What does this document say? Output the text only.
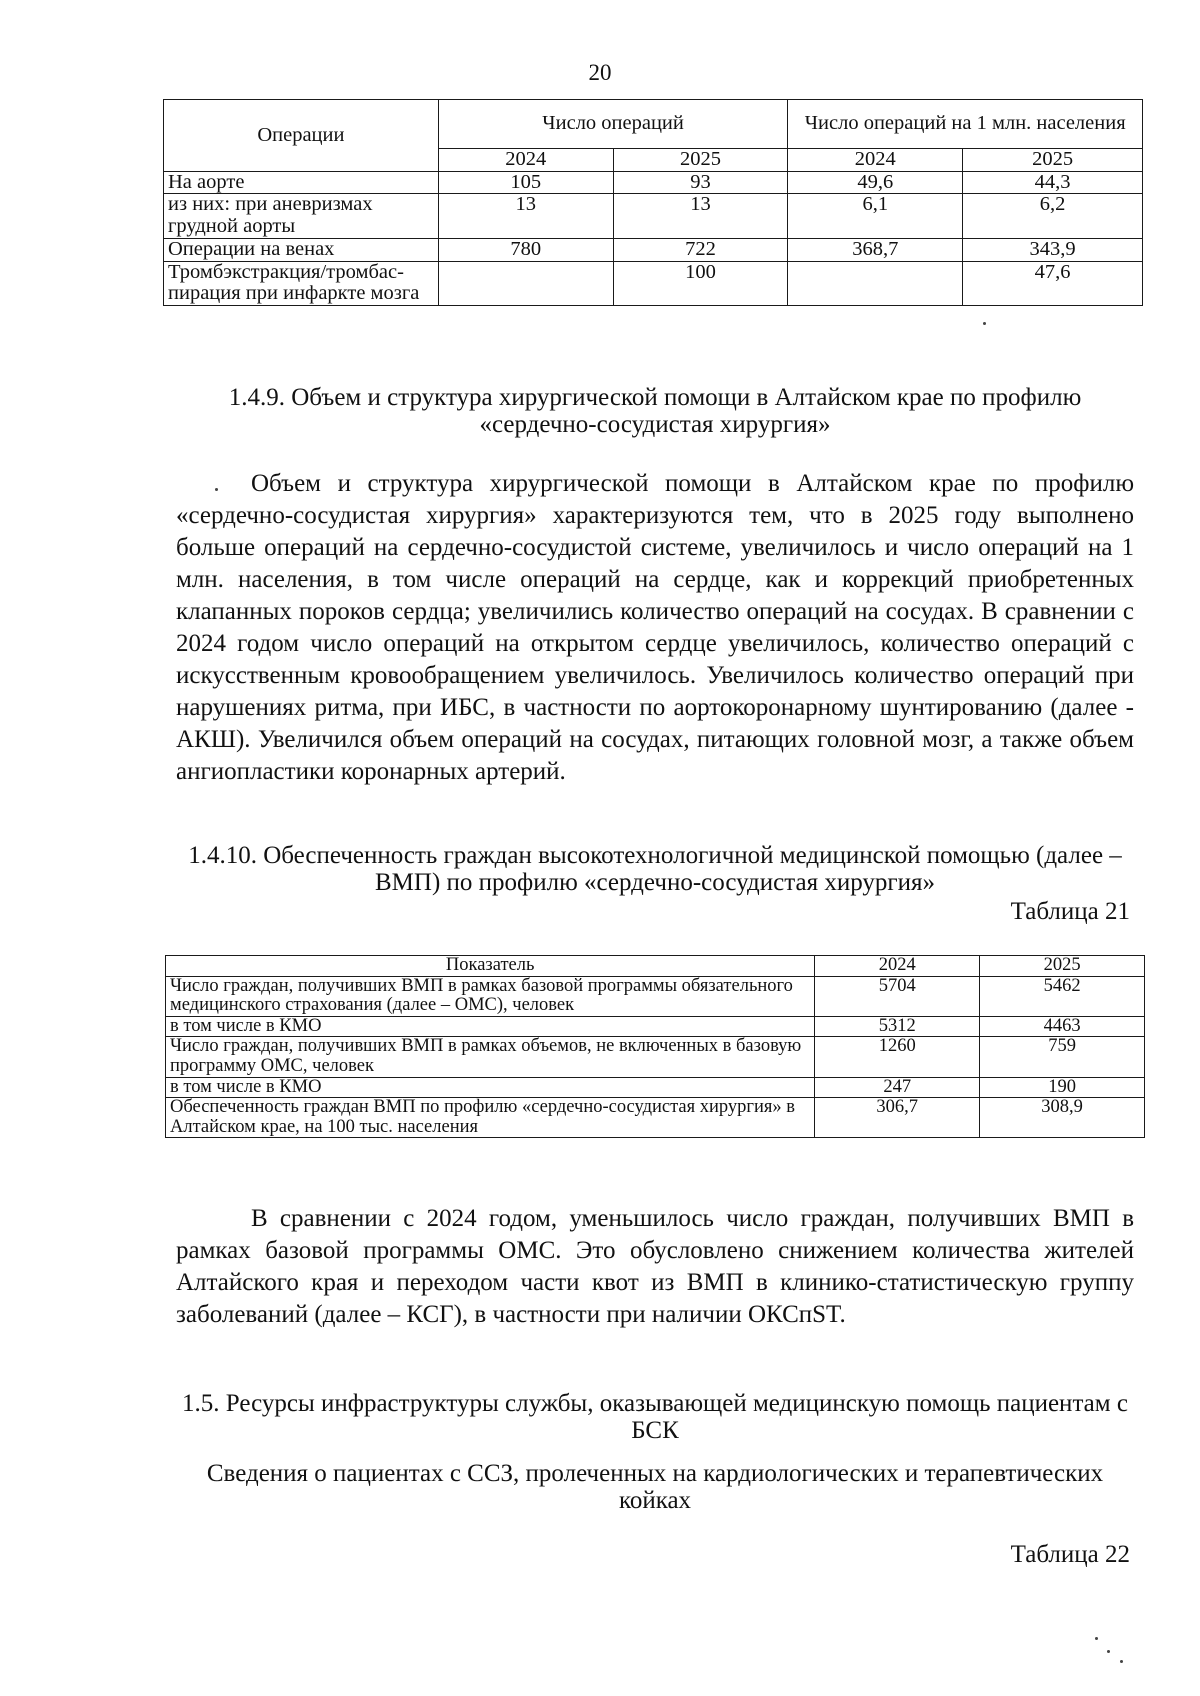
20
Операции	Число операций		Число операций на 1 млн. населения	
	2024	2025	2024	2025
На аорте	105	93	49,6	44,3
из них: при аневризмах грудной аорты	13	13	6,1	6,2
Операции на венах	780	722	368,7	343,9
Тромбэкстракция/тромбас-пирация при инфаркте мозга		100		47,6
1.4.9. Объем и структура хирургической помощи в Алтайском крае по профилю «сердечно-сосудистая хирургия»

Объем и структура хирургической помощи в Алтайском крае по профилю «сердечно-сосудистая хирургия» характеризуются тем, что в 2025 году выполнено больше операций на сердечно-сосудистой системе, увеличилось и число операций на 1 млн. населения, в том числе операций на сердце, как и коррекций приобретенных клапанных пороков сердца; увеличились количество операций на сосудах. В сравнении с 2024 годом число операций на открытом сердце увеличилось, количество операций с искусственным кровообращением увеличилось. Увеличилось количество операций при нарушениях ритма, при ИБС, в частности по аортокоронарному шунтированию (далее - АКШ). Увеличился объем операций на сосудах, питающих головной мозг, а также объем ангиопластики коронарных артерий.

1.4.10. Обеспеченность граждан высокотехнологичной медицинской помощью (далее – ВМП) по профилю «сердечно-сосудистая хирургия»
Таблица 21
Показатель	2024	2025
Число граждан, получивших ВМП в рамках базовой программы обязательного медицинского страхования (далее – ОМС), человек	5704	5462
в том числе в КМО	5312	4463
Число граждан, получивших ВМП в рамках объемов, не включенных в базовую программу ОМС, человек	1260	759
в том числе в КМО	247	190
Обеспеченность граждан ВМП по профилю «сердечно-сосудистая хирургия» в Алтайском крае, на 100 тыс. населения	306,7	308,9

В сравнении с 2024 годом, уменьшилось число граждан, получивших ВМП в рамках базовой программы ОМС. Это обусловлено снижением количества жителей Алтайского края и переходом части квот из ВМП в клинико-статистическую группу заболеваний (далее – КСГ), в частности при наличии ОКСпST.

1.5. Ресурсы инфраструктуры службы, оказывающей медицинскую помощь пациентам с БСК
Сведения о пациентах с ССЗ, пролеченных на кардиологических и терапевтических койках
Таблица 22
